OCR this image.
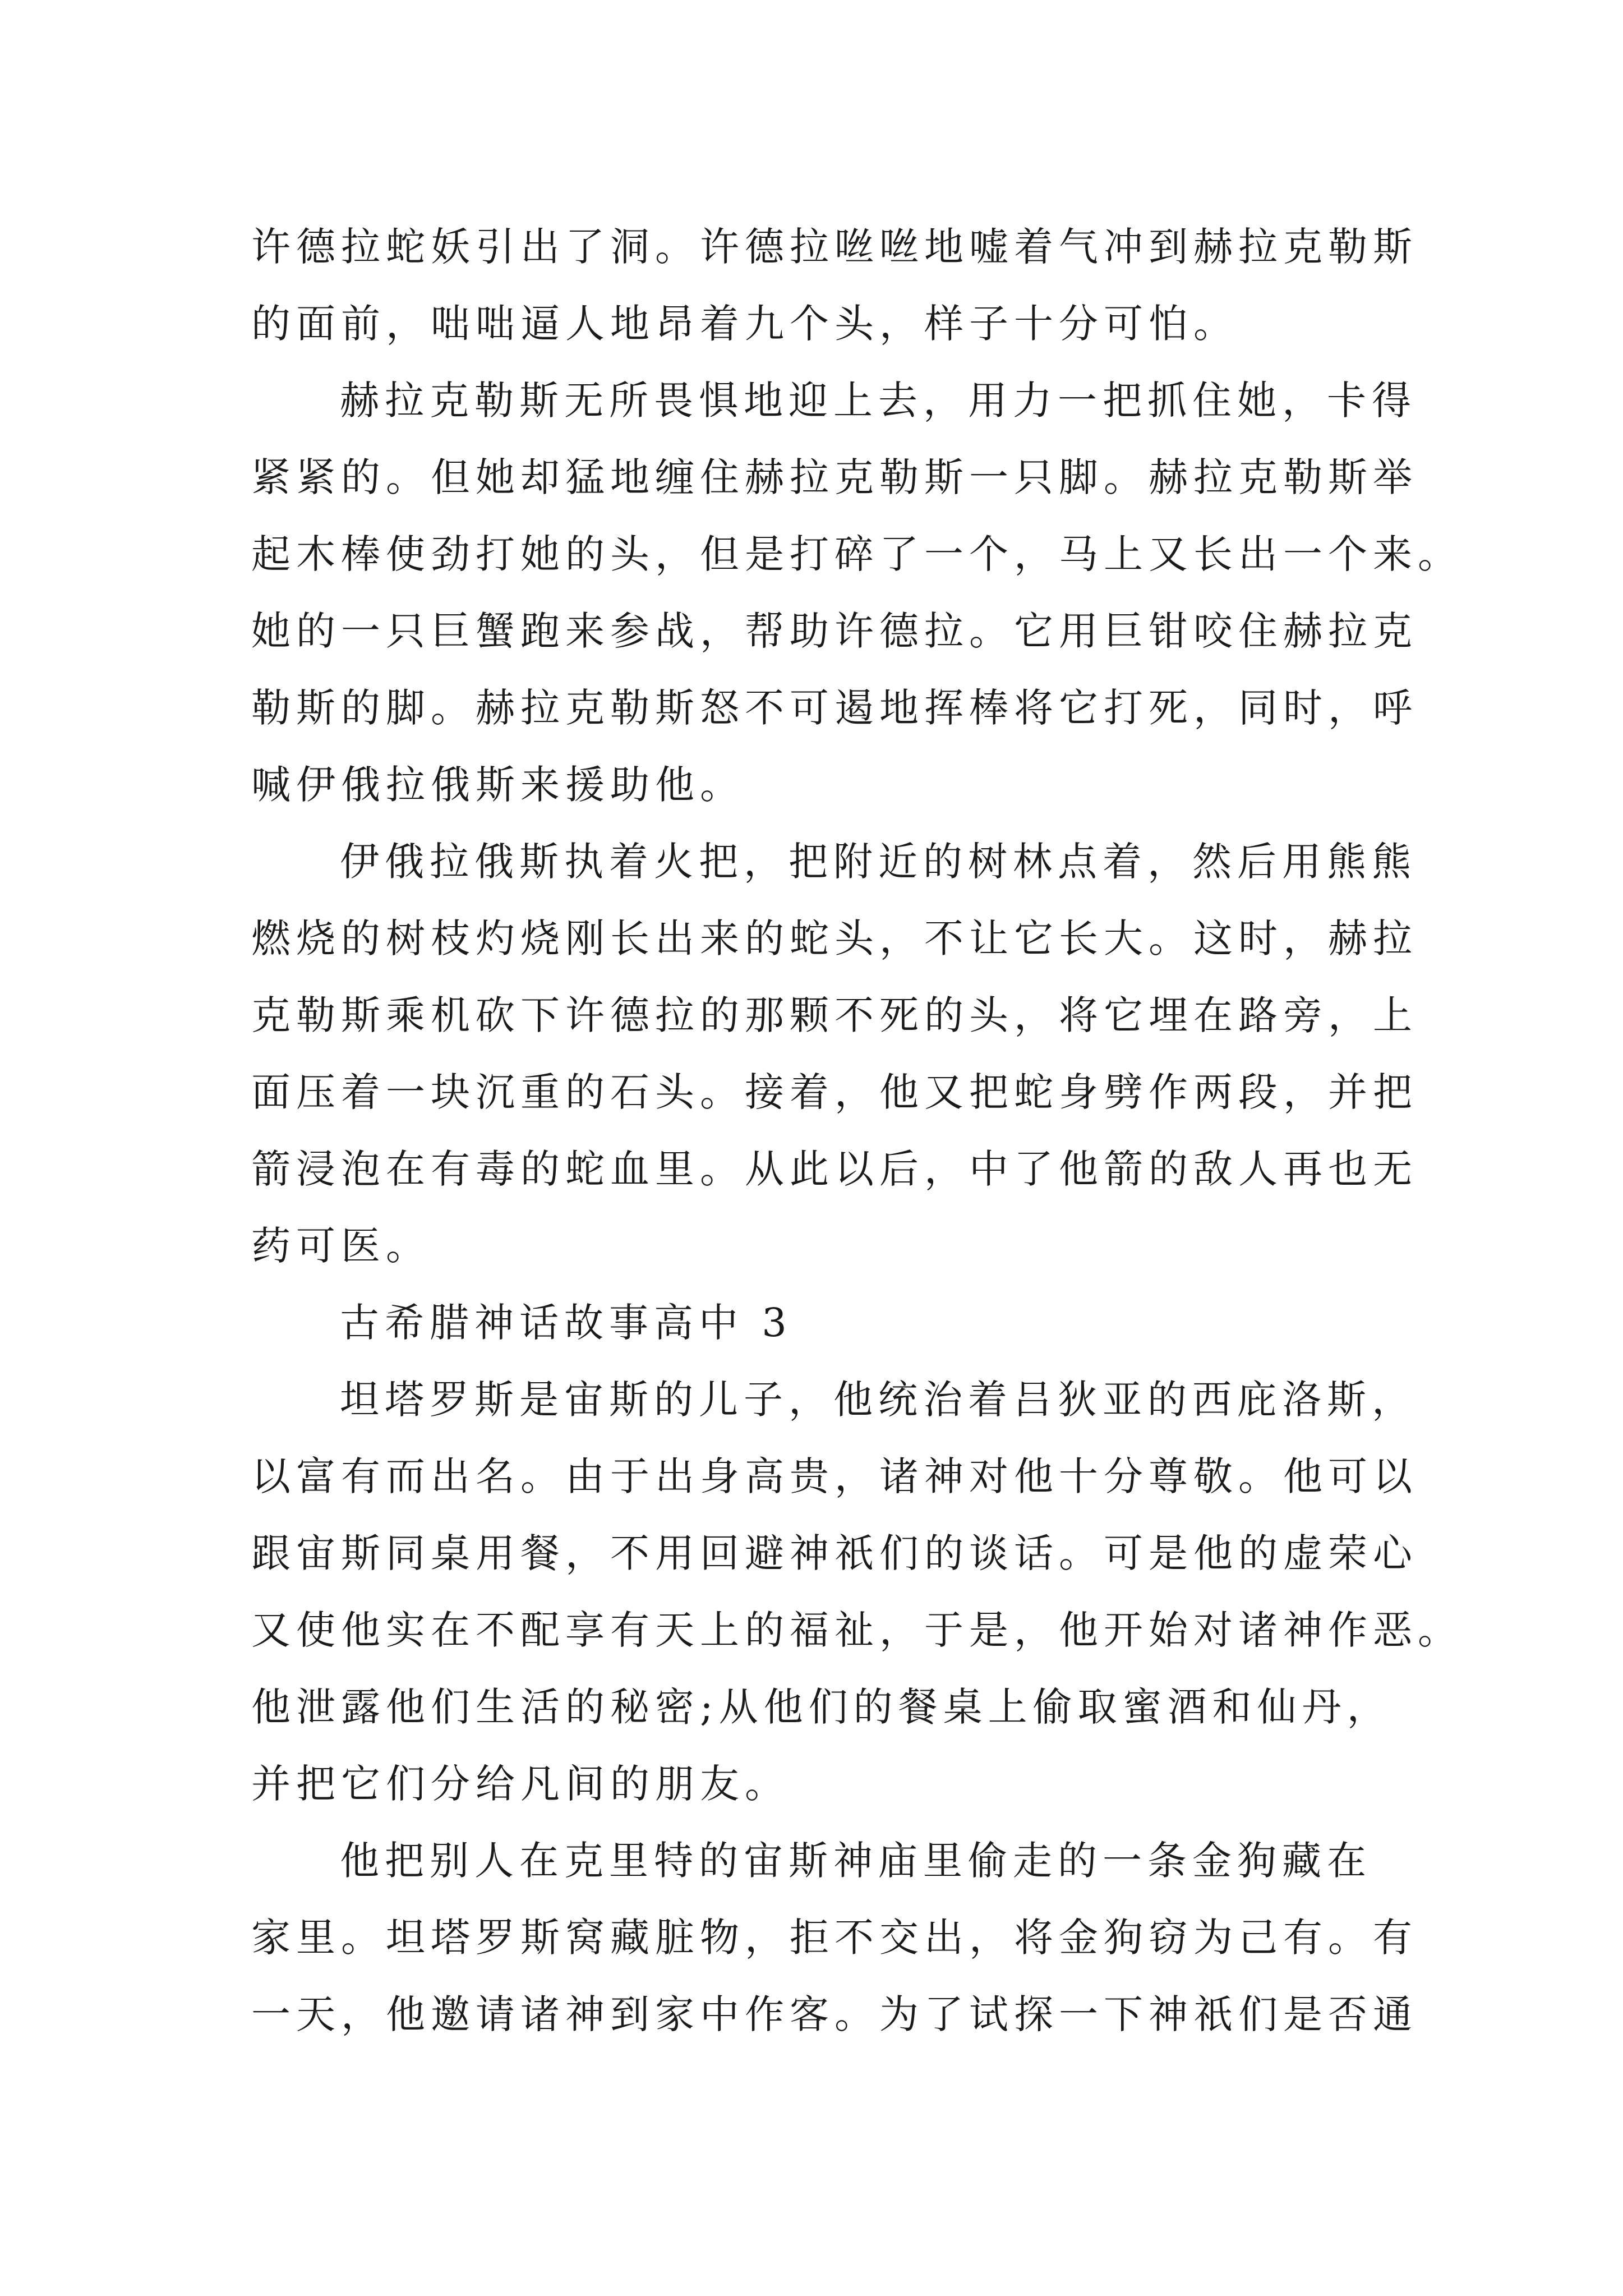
许德拉蛇妖引出了洞。许德拉咝咝地嘘着气冲到赫拉克勒斯
的面前，咄咄逼人地昂着九个头，样子十分可怕。

赫拉克勒斯无所畏惧地迎上去，用力一把抓住她，卡得
紧紧的。但她却猛地缠住赫拉克勒斯一只脚。赫拉克勒斯举
起木棒使劲打她的头，但是打碎了一个，马上又长出一个来。
她的一只巨蟹跑来参战，帮助许德拉。它用巨钳咬住赫拉克
勒斯的脚。赫拉克勒斯怒不可遏地挥棒将它打死，同时，呼
喊伊俄拉俄斯来援助他。

伊俄拉俄斯执着火把，把附近的树林点着，然后用熊熊
燃烧的树枝灼烧刚长出来的蛇头，不让它长大。这时，赫拉
克勒斯乘机砍下许德拉的那颗不死的头，将它埋在路旁，上
面压着一块沉重的石头。接着，他又把蛇身劈作两段，并把
箭浸泡在有毒的蛇血里。从此以后，中了他箭的敌人再也无
药可医。

古希腊神话故事高中 3

坦塔罗斯是宙斯的儿子，他统治着吕狄亚的西庇洛斯，
以富有而出名。由于出身高贵，诸神对他十分尊敬。他可以
跟宙斯同桌用餐，不用回避神祇们的谈话。可是他的虚荣心
又使他实在不配享有天上的福祉，于是，他开始对诸神作恶。
他泄露他们生活的秘密;从他们的餐桌上偷取蜜酒和仙丹，
并把它们分给凡间的朋友。

他把别人在克里特的宙斯神庙里偷走的一条金狗藏在
家里。坦塔罗斯窝藏脏物，拒不交出，将金狗窃为己有。有
一天，他邀请诸神到家中作客。为了试探一下神祇们是否通
